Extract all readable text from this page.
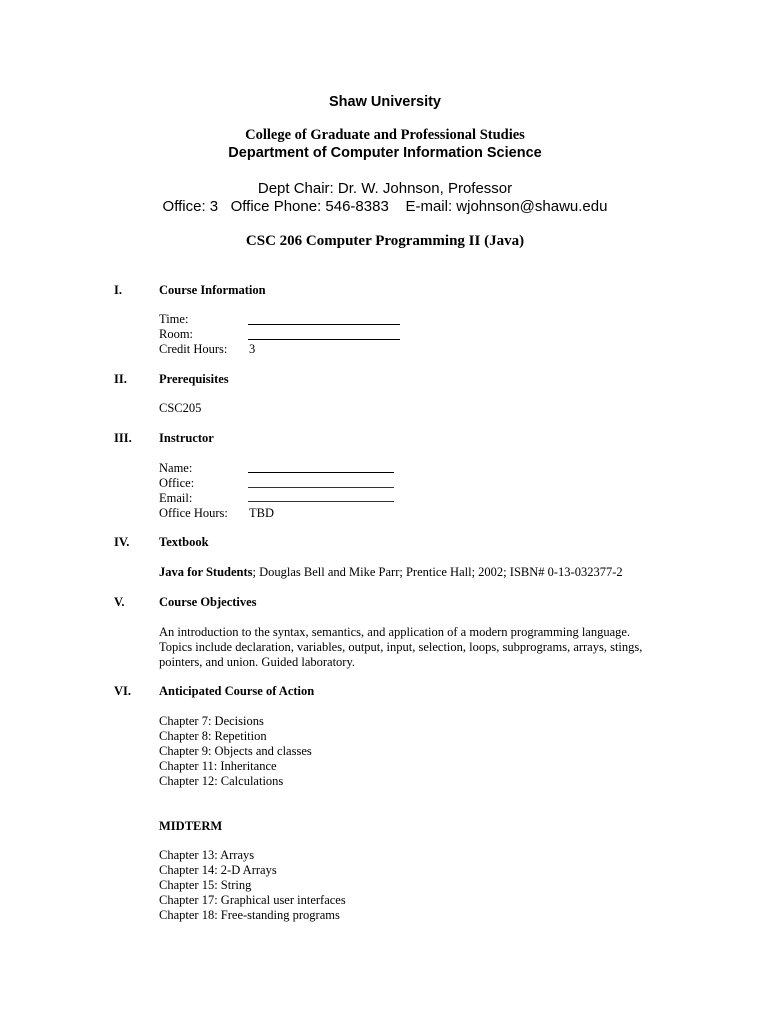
Shaw University
College of Graduate and Professional Studies
Department of Computer Information Science
Dept Chair: Dr. W. Johnson, Professor
Office: 3   Office Phone: 546-8383    E-mail: wjohnson@shawu.edu
CSC 206 Computer Programming II (Java)
I.	Course Information
Time:
Room:
Credit Hours: 3
II.	Prerequisites
CSC205
III. Instructor
Name:
Office:
Email:
Office Hours: TBD
IV. Textbook
Java for Students; Douglas Bell and Mike Parr; Prentice Hall; 2002; ISBN# 0-13-032377-2
V.	Course Objectives
An introduction to the syntax, semantics, and application of a modern programming language.
Topics include declaration, variables, output, input, selection, loops, subprograms, arrays, stings,
pointers, and union. Guided laboratory.
VI. Anticipated Course of Action
Chapter 7: Decisions
Chapter 8: Repetition
Chapter 9: Objects and classes
Chapter 11: Inheritance
Chapter 12: Calculations
MIDTERM
Chapter 13: Arrays
Chapter 14: 2-D Arrays
Chapter 15: String
Chapter 17: Graphical user interfaces
Chapter 18: Free-standing programs
